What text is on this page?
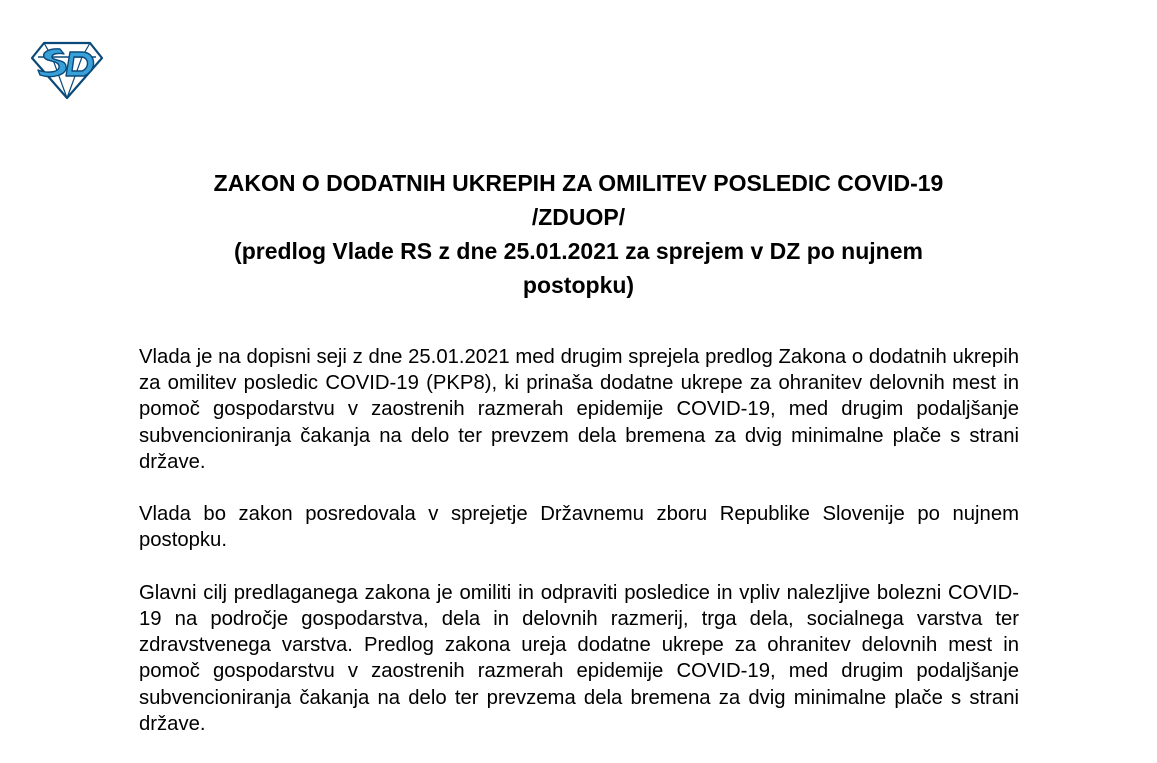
ZAKON O DODATNIH UKREPIH ZA OMILITEV POSLEDIC COVID-19
/ZDUOP/
(predlog Vlade RS z dne 25.01.2021 za sprejem v DZ po nujnem
postopku)

Vlada je na dopisni seji z dne 25.01.2021 med drugim sprejela predlog Zakona o dodatnih ukrepih za omilitev posledic COVID-19 (PKP8), ki prinaša dodatne ukrepe za ohranitev delovnih mest in pomoč gospodarstvu v zaostrenih razmerah epidemije COVID-19, med drugim podaljšanje subvencioniranja čakanja na delo ter prevzem dela bremena za dvig minimalne plače s strani države.

Vlada bo zakon posredovala v sprejetje Državnemu zboru Republike Slovenije po nujnem postopku.

Glavni cilj predlaganega zakona je omiliti in odpraviti posledice in vpliv nalezljive bolezni COVID-19 na področje gospodarstva, dela in delovnih razmerij, trga dela, socialnega varstva ter zdravstvenega varstva. Predlog zakona ureja dodatne ukrepe za ohranitev delovnih mest in pomoč gospodarstvu v zaostrenih razmerah epidemije COVID-19, med drugim podaljšanje subvencioniranja čakanja na delo ter prevzema dela bremena za dvig minimalne plače s strani države.
